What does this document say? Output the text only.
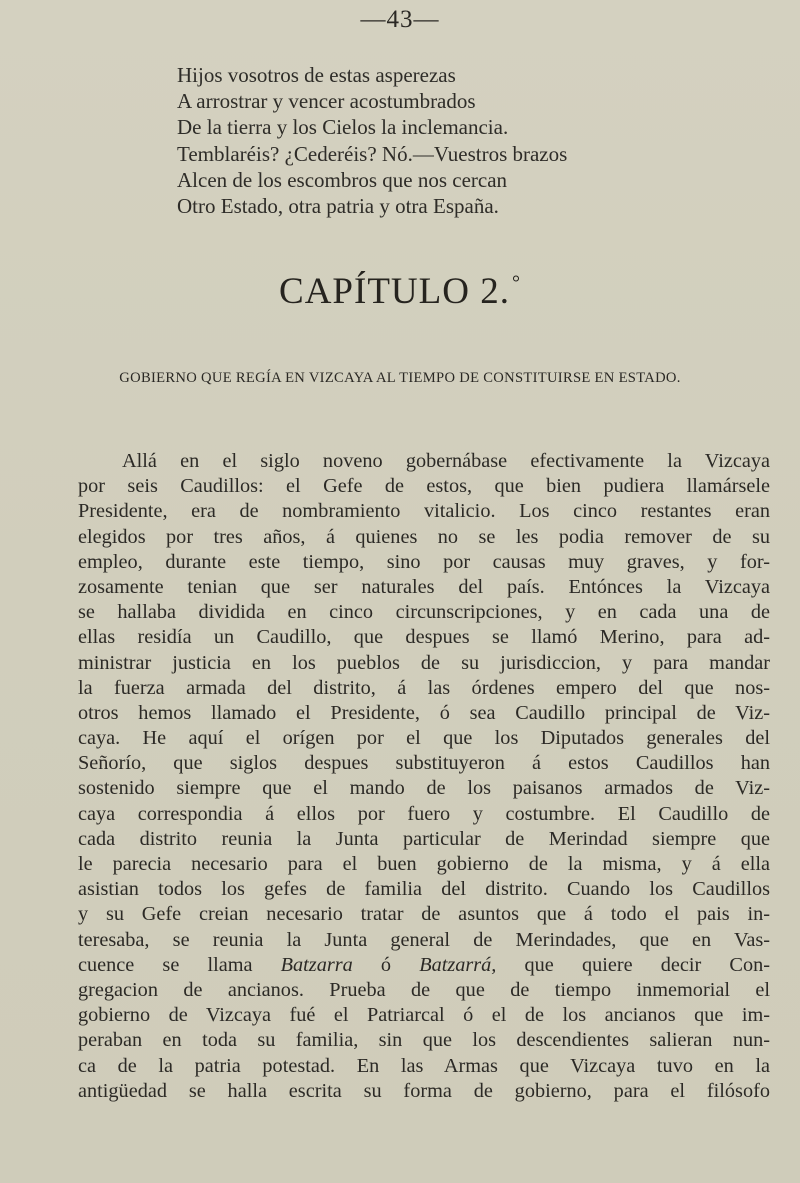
—43—
Hijos vosotros de estas asperezas
A arrostrar y vencer acostumbrados
De la tierra y los Cielos la inclemancia.
Temblaréis? ¿Cederéis? Nó.—Vuestros brazos
Alcen de los escombros que nos cercan
Otro Estado, otra patria y otra España.
CAPÍTULO 2. °
GOBIERNO QUE REGÍA EN VIZCAYA AL TIEMPO DE CONSTITUIRSE EN ESTADO.
Allá en el siglo noveno gobernábase efectivamente la Vizcaya
por seis Caudillos: el Gefe de estos, que bien pudiera llamársele
Presidente, era de nombramiento vitalicio. Los cinco restantes eran
elegidos por tres años, á quienes no se les podia remover de su
empleo, durante este tiempo, sino por causas muy graves, y for-
zosamente tenian que ser naturales del país. Entónces la Vizcaya
se hallaba dividida en cinco circunscripciones, y en cada una de
ellas residía un Caudillo, que despues se llamó Merino, para ad-
ministrar justicia en los pueblos de su jurisdiccion, y para mandar
la fuerza armada del distrito, á las órdenes empero del que nos-
otros hemos llamado el Presidente, ó sea Caudillo principal de Viz-
caya. He aquí el orígen por el que los Diputados generales del
Señorío, que siglos despues substituyeron á estos Caudillos han
sostenido siempre que el mando de los paisanos armados de Viz-
caya correspondia á ellos por fuero y costumbre. El Caudillo de
cada distrito reunia la Junta particular de Merindad siempre que
le parecia necesario para el buen gobierno de la misma, y á ella
asistian todos los gefes de familia del distrito. Cuando los Caudillos
y su Gefe creian necesario tratar de asuntos que á todo el pais in-
teresaba, se reunia la Junta general de Merindades, que en Vas-
cuence se llama Batzarra ó Batzarrá, que quiere decir Con-
gregacion de ancianos. Prueba de que de tiempo inmemorial el
gobierno de Vizcaya fué el Patriarcal ó el de los ancianos que im-
peraban en toda su familia, sin que los descendientes salieran nun-
ca de la patria potestad. En las Armas que Vizcaya tuvo en la
antigüedad se halla escrita su forma de gobierno, para el filósofo
